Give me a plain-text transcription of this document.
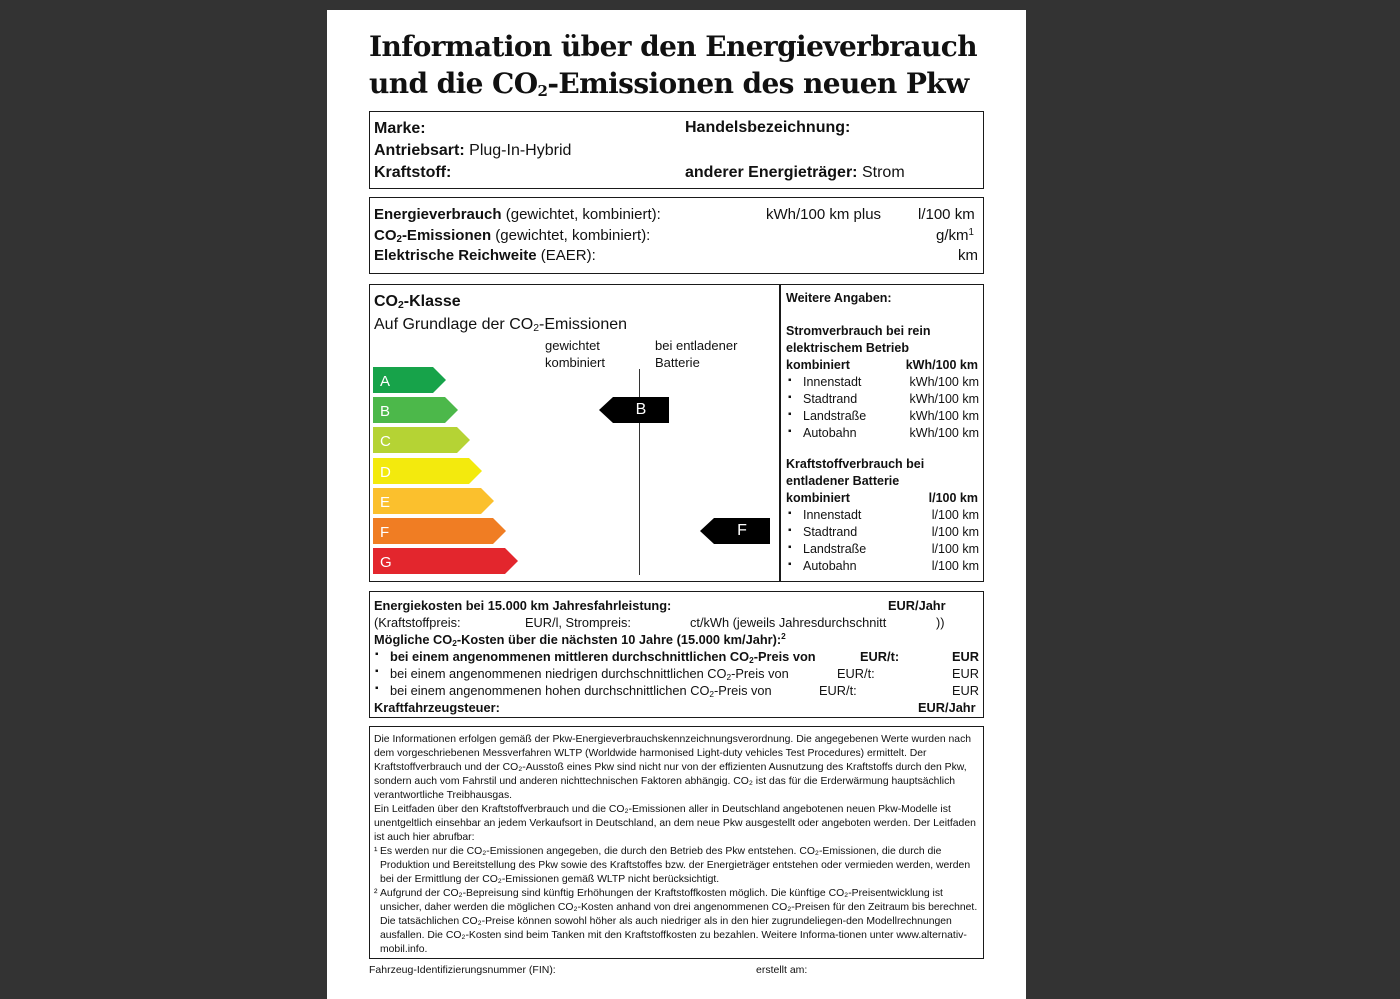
Information über den Energieverbrauch
und die $CO_2$-Emissionen des neuen Pkw
Marke:	Handelsbezeichnung:
Antriebsart: Plug-In-Hybrid
Kraftstoff:	anderer Energieträger: Strom
Energieverbrauch (gewichtet, kombiniert):	kWh/100 km plus l/100 km
$CO_2$-Emissionen (gewichtet, kombiniert):	$g/km^1$
Elektrische Reichweite (EAER):	km
$CO_2$-Klasse
Auf Grundlage der $CO_2$-Emissionen
gewichtet
kombiniert
bei entladener
Batterie
A
B
C
D
E
F
G
B
F
Weitere Angaben:
Stromverbrauch bei rein
elektrischem Betrieb
kombiniert	kWh/100 km
▪ Innenstadt	kWh/100 km
▪ Stadtrand	kWh/100 km
▪ Landstraße	kWh/100 km
▪ Autobahn	kWh/100 km
Kraftstoffverbrauch bei
entladener Batterie
kombiniert	l/100 km
▪ Innenstadt	l/100 km
▪ Stadtrand	l/100 km
▪ Landstraße	l/100 km
▪ Autobahn	l/100 km
Energiekosten bei 15.000 km Jahresfahrleistung:	EUR/Jahr
(Kraftstoffpreis:	EUR/l, Strompreis:	ct/kWh (jeweils Jahresdurchschnitt	))
Mögliche $CO_2$-Kosten über die nächsten 10 Jahre (15.000 km/Jahr):$^2$
▪ bei einem angenommenen mittleren durchschnittlichen $CO_2$-Preis von	EUR/t:	EUR
▪ bei einem angenommenen niedrigen durchschnittlichen $CO_2$-Preis von	EUR/t:	EUR
▪ bei einem angenommenen hohen durchschnittlichen $CO_2$-Preis von	EUR/t:	EUR
Kraftfahrzeugsteuer:	EUR/Jahr
Die Informationen erfolgen gemäß der Pkw-Energieverbrauchskennzeichnungsverordnung. Die angegebenen Werte wurden nach dem vorgeschriebenen Messverfahren WLTP (Worldwide harmonised Light-duty vehicles Test Procedures) ermittelt. Der Kraftstoffverbrauch und der CO₂-Ausstoß eines Pkw sind nicht nur von der effizienten Ausnutzung des Kraftstoffs durch den Pkw, sondern auch vom Fahrstil und anderen nichttechnischen Faktoren abhängig. CO₂ ist das für die Erderwärmung hauptsächlich verantwortliche Treibhausgas.
Ein Leitfaden über den Kraftstoffverbrauch und die CO₂-Emissionen aller in Deutschland angebotenen neuen Pkw-Modelle ist unentgeltlich einsehbar an jedem Verkaufsort in Deutschland, an dem neue Pkw ausgestellt oder angeboten werden. Der Leitfaden ist auch hier abrufbar:
¹ Es werden nur die CO₂-Emissionen angegeben, die durch den Betrieb des Pkw entstehen. CO₂-Emissionen, die durch die Produktion und Bereitstellung des Pkw sowie des Kraftstoffes bzw. der Energieträger entstehen oder vermieden werden, werden bei der Ermittlung der CO₂-Emissionen gemäß WLTP nicht berücksichtigt.
² Aufgrund der CO₂-Bepreisung sind künftig Erhöhungen der Kraftstoffkosten möglich. Die künftige CO₂-Preisentwicklung ist unsicher, daher werden die möglichen CO₂-Kosten anhand von drei angenommenen CO₂-Preisen für den Zeitraum bis berechnet. Die tatsächlichen CO₂-Preise können sowohl höher als auch niedriger als in den hier zugrundeliegen-den Modellrechnungen ausfallen. Die CO₂-Kosten sind beim Tanken mit den Kraftstoffkosten zu bezahlen. Weitere Informa-tionen unter www.alternativ-mobil.info.
Fahrzeug-Identifizierungsnummer (FIN):	erstellt am:
